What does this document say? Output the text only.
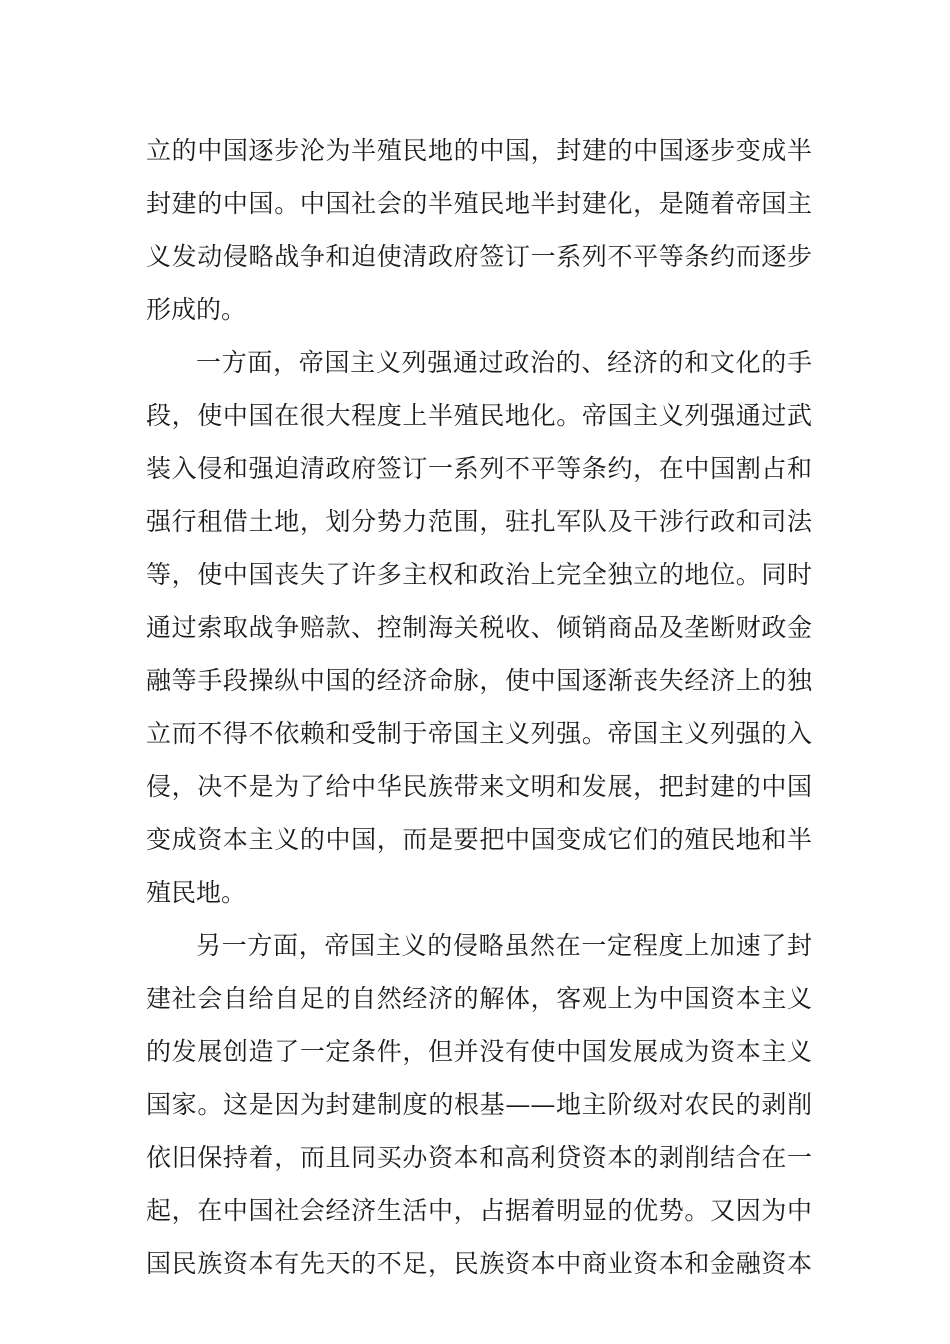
立的中国逐步沦为半殖民地的中国，封建的中国逐步变成半
封建的中国。中国社会的半殖民地半封建化，是随着帝国主
义发动侵略战争和迫使清政府签订一系列不平等条约而逐步
形成的。
一方面，帝国主义列强通过政治的、经济的和文化的手
段，使中国在很大程度上半殖民地化。帝国主义列强通过武
装入侵和强迫清政府签订一系列不平等条约，在中国割占和
强行租借土地，划分势力范围，驻扎军队及干涉行政和司法
等，使中国丧失了许多主权和政治上完全独立的地位。同时
通过索取战争赔款、控制海关税收、倾销商品及垄断财政金
融等手段操纵中国的经济命脉，使中国逐渐丧失经济上的独
立而不得不依赖和受制于帝国主义列强。帝国主义列强的入
侵，决不是为了给中华民族带来文明和发展，把封建的中国
变成资本主义的中国，而是要把中国变成它们的殖民地和半
殖民地。
另一方面，帝国主义的侵略虽然在一定程度上加速了封
建社会自给自足的自然经济的解体，客观上为中国资本主义
的发展创造了一定条件，但并没有使中国发展成为资本主义
国家。这是因为封建制度的根基——地主阶级对农民的剥削
依旧保持着，而且同买办资本和高利贷资本的剥削结合在一
起，在中国社会经济生活中，占据着明显的优势。又因为中
国民族资本有先天的不足，民族资本中商业资本和金融资本
